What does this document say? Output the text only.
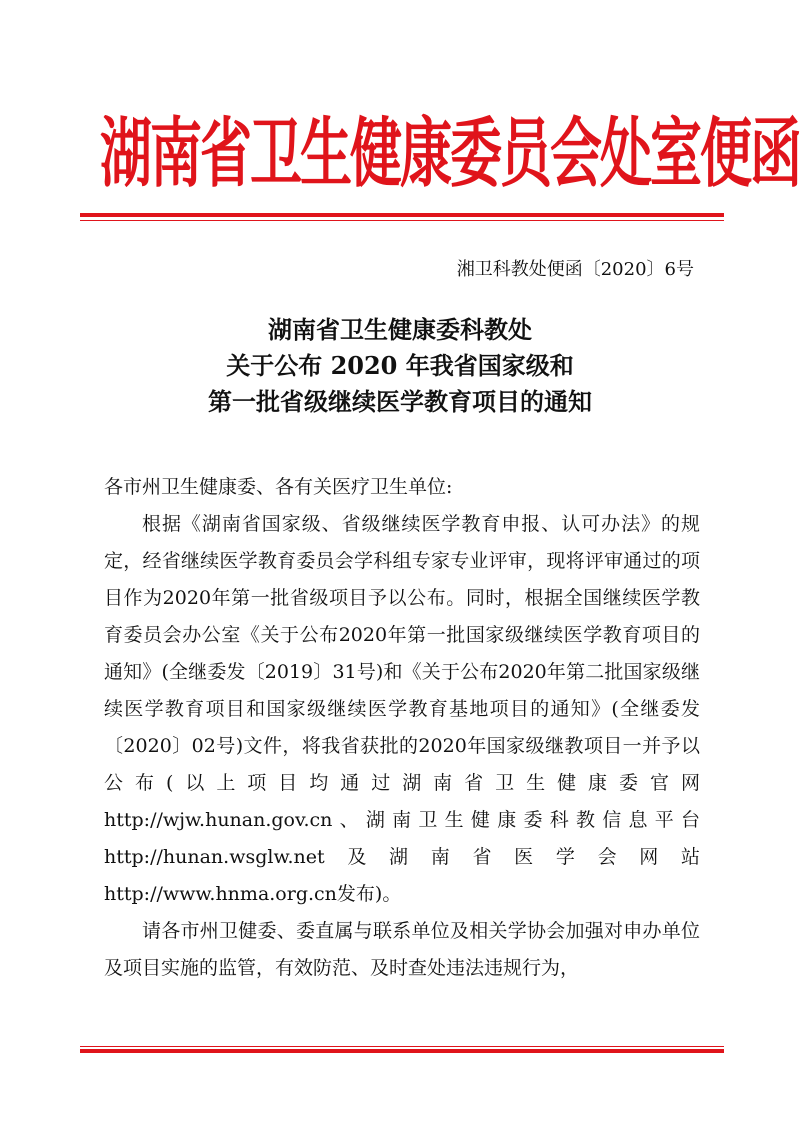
湖南省卫生健康委员会处室便函
湘卫科教处便函〔2020〕6号
湖南省卫生健康委科教处
关于公布 2020 年我省国家级和
第一批省级继续医学教育项目的通知

各市州卫生健康委、各有关医疗卫生单位:

根据《湖南省国家级、省级继续医学教育申报、认可办法》的规定，经省继续医学教育委员会学科组专家专业评审，现将评审通过的项目作为2020年第一批省级项目予以公布。同时，根据全国继续医学教育委员会办公室《关于公布2020年第一批国家级继续医学教育项目的通知》(全继委发〔2019〕31号)和《关于公布2020年第二批国家级继续医学教育项目和国家级继续医学教育基地项目的通知》(全继委发〔2020〕02号)文件，将我省获批的2020年国家级继教项目一并予以公布(以上项目均通过湖南省卫生健康委官网http://wjw.hunan.gov.cn、湖南卫生健康委科教信息平台http://hunan.wsglw.net及湖南省医学会网站http://www.hnma.org.cn发布)。

请各市州卫健委、委直属与联系单位及相关学协会加强对申办单位及项目实施的监管，有效防范、及时查处违法违规行为，
